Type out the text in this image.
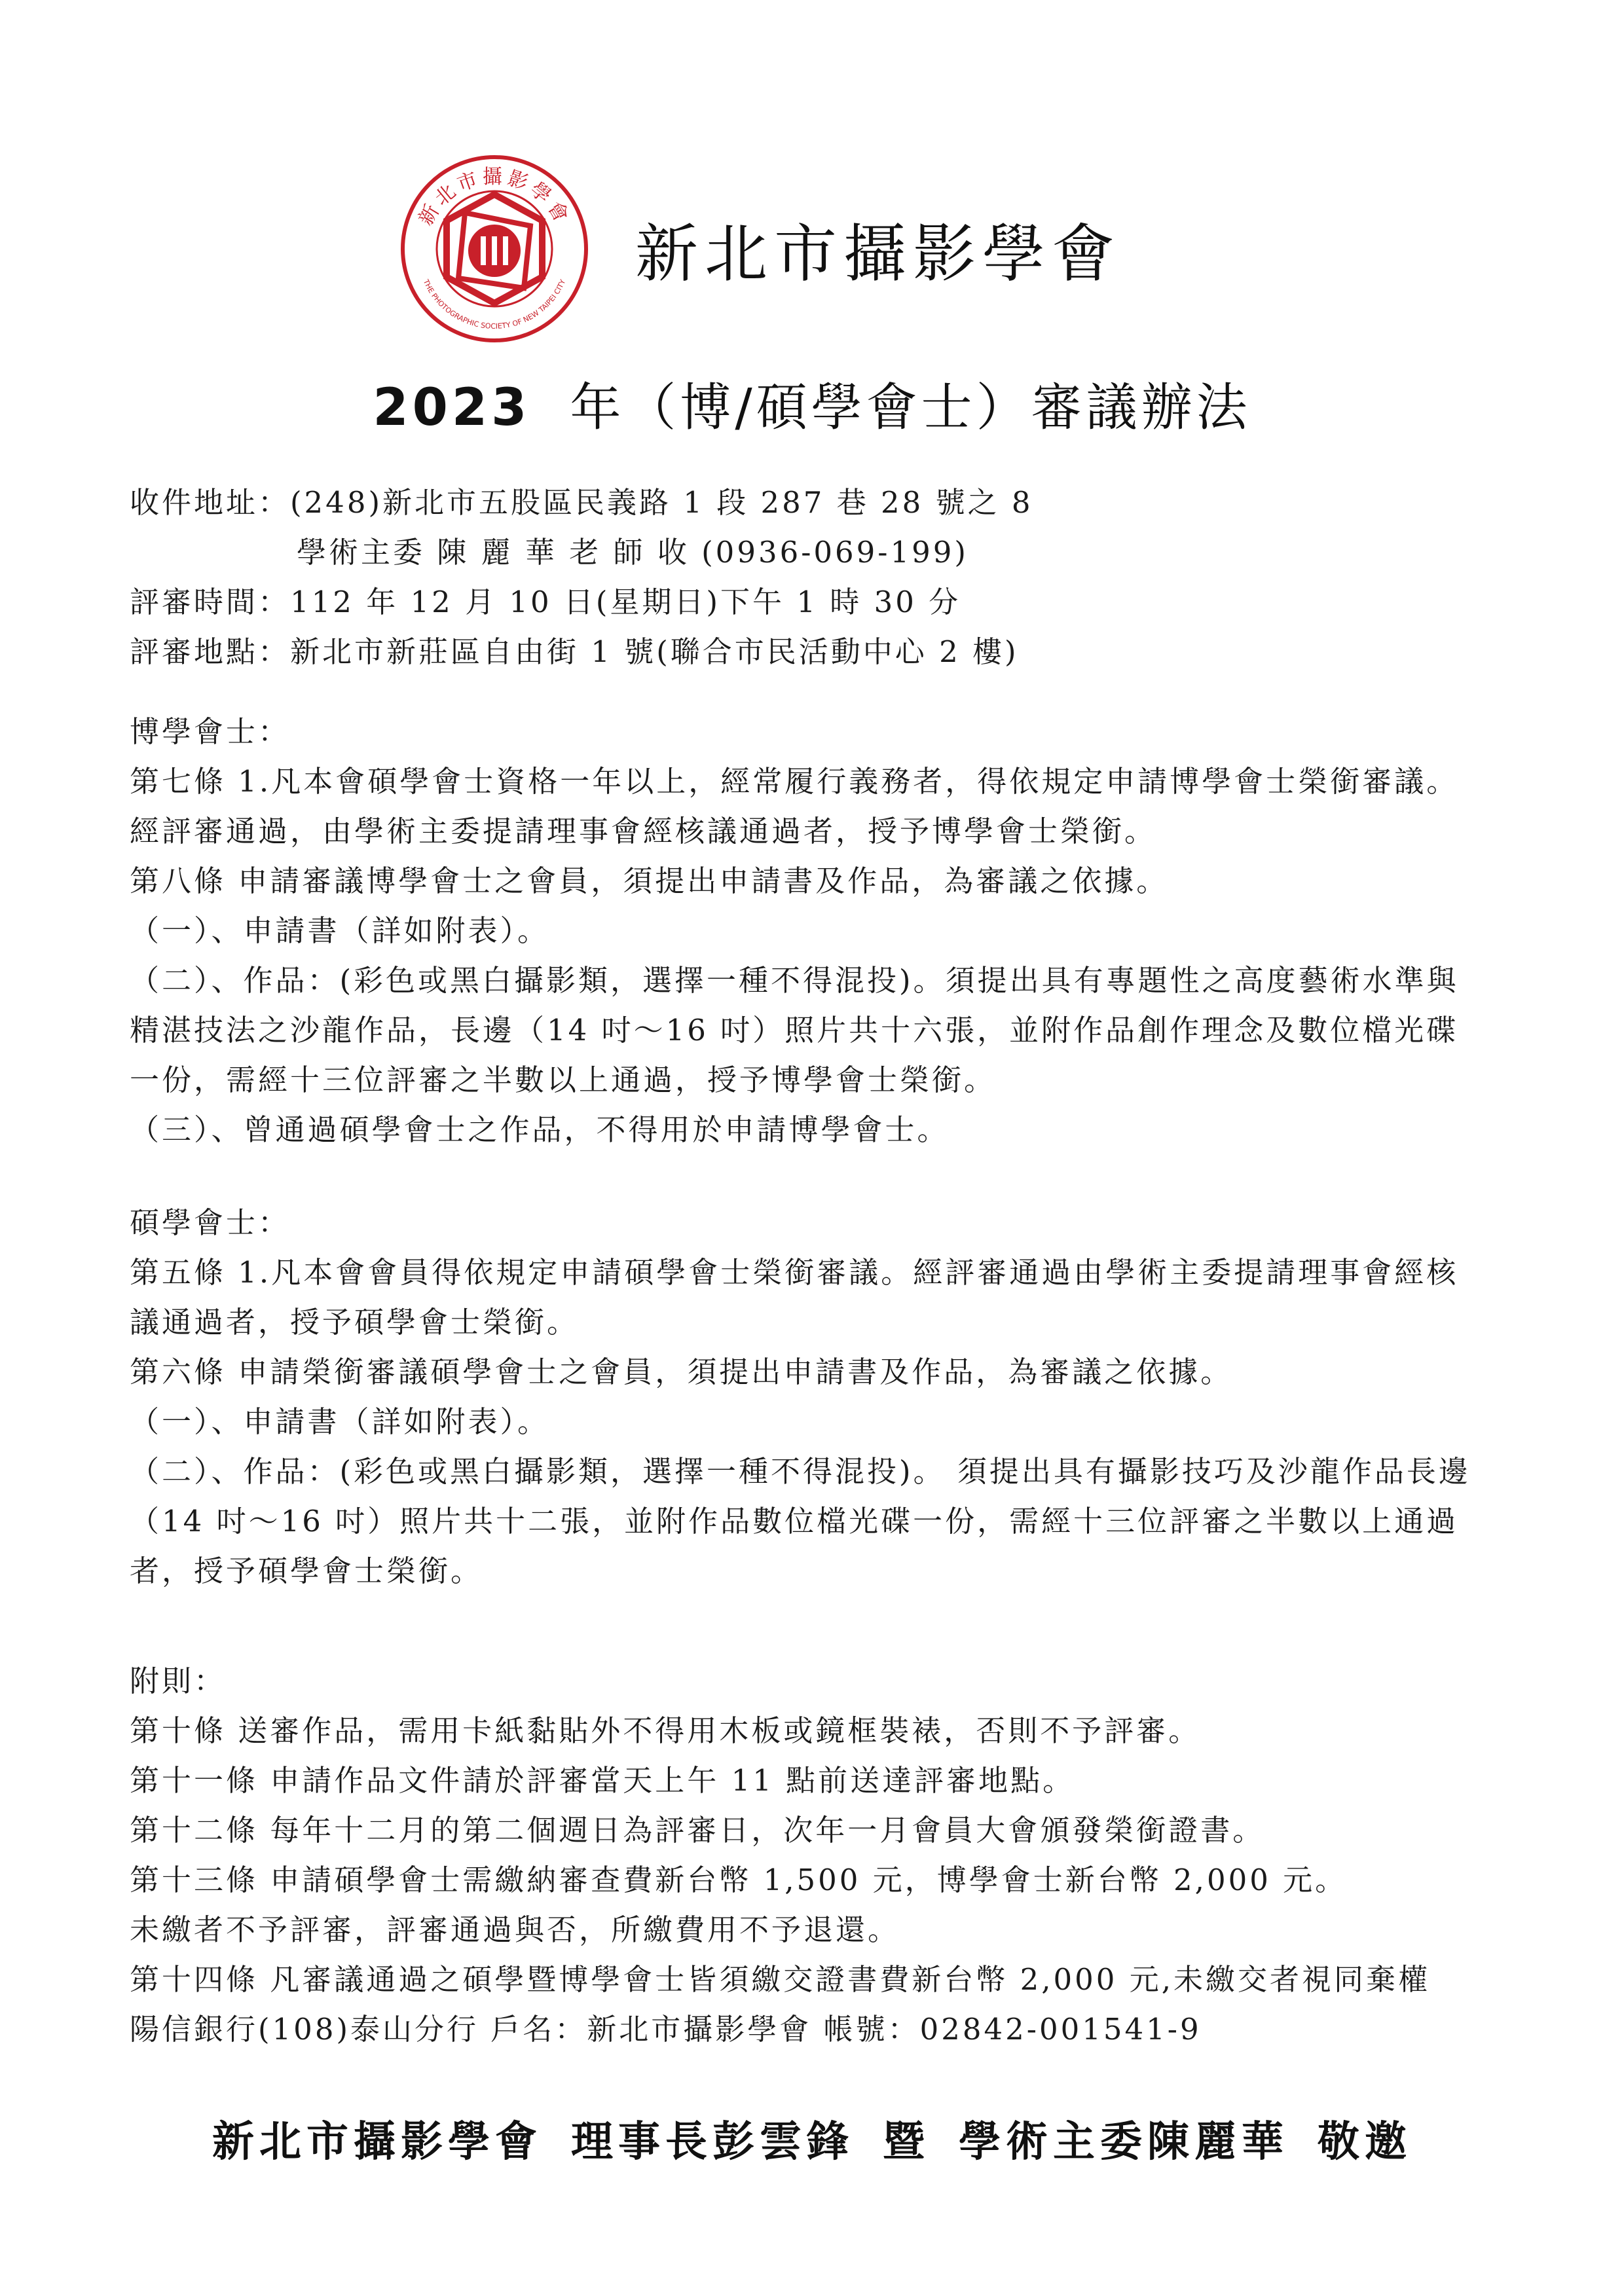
新北市攝影學會
THE PHOTOGRAPHIC SOCIETY OF NEW TAIPEI CITY 新北市攝影學會
2023 年（博/碩學會士）審議辦法
收件地址：(248)新北市五股區民義路 1 段 287 巷 28 號之 8
學術主委 陳 麗 華 老 師 收 (0936-069-199)
評審時間：112 年 12 月 10 日(星期日)下午 1 時 30 分
評審地點：新北市新莊區自由街 1 號(聯合市民活動中心 2 樓)
博學會士：
第七條 1.凡本會碩學會士資格一年以上，經常履行義務者，得依規定申請博學會士榮銜審議。
經評審通過，由學術主委提請理事會經核議通過者，授予博學會士榮銜。
第八條 申請審議博學會士之會員，須提出申請書及作品，為審議之依據。
（一）、申請書（詳如附表）。
（二）、作品：(彩色或黑白攝影類，選擇一種不得混投)。須提出具有專題性之高度藝術水準與
精湛技法之沙龍作品，長邊（14 吋～16 吋）照片共十六張，並附作品創作理念及數位檔光碟
一份，需經十三位評審之半數以上通過，授予博學會士榮銜。
（三）、曾通過碩學會士之作品，不得用於申請博學會士。
碩學會士：
第五條 1.凡本會會員得依規定申請碩學會士榮銜審議。經評審通過由學術主委提請理事會經核
議通過者，授予碩學會士榮銜。
第六條 申請榮銜審議碩學會士之會員，須提出申請書及作品，為審議之依據。
（一）、申請書（詳如附表）。
（二）、作品：(彩色或黑白攝影類，選擇一種不得混投)。 須提出具有攝影技巧及沙龍作品長邊
（14 吋～16 吋）照片共十二張，並附作品數位檔光碟一份，需經十三位評審之半數以上通過
者，授予碩學會士榮銜。
附則：
第十條 送審作品，需用卡紙黏貼外不得用木板或鏡框裝裱，否則不予評審。
第十一條 申請作品文件請於評審當天上午 11 點前送達評審地點。
第十二條 每年十二月的第二個週日為評審日，次年一月會員大會頒發榮銜證書。
第十三條 申請碩學會士需繳納審查費新台幣 1,500 元，博學會士新台幣 2,000 元。
未繳者不予評審，評審通過與否，所繳費用不予退還。
第十四條 凡審議通過之碩學暨博學會士皆須繳交證書費新台幣 2,000 元,未繳交者視同棄權
陽信銀行(108)泰山分行 戶名：新北市攝影學會 帳號：02842-001541-9
新北市攝影學會 理事長彭雲鋒 暨 學術主委陳麗華 敬邀
